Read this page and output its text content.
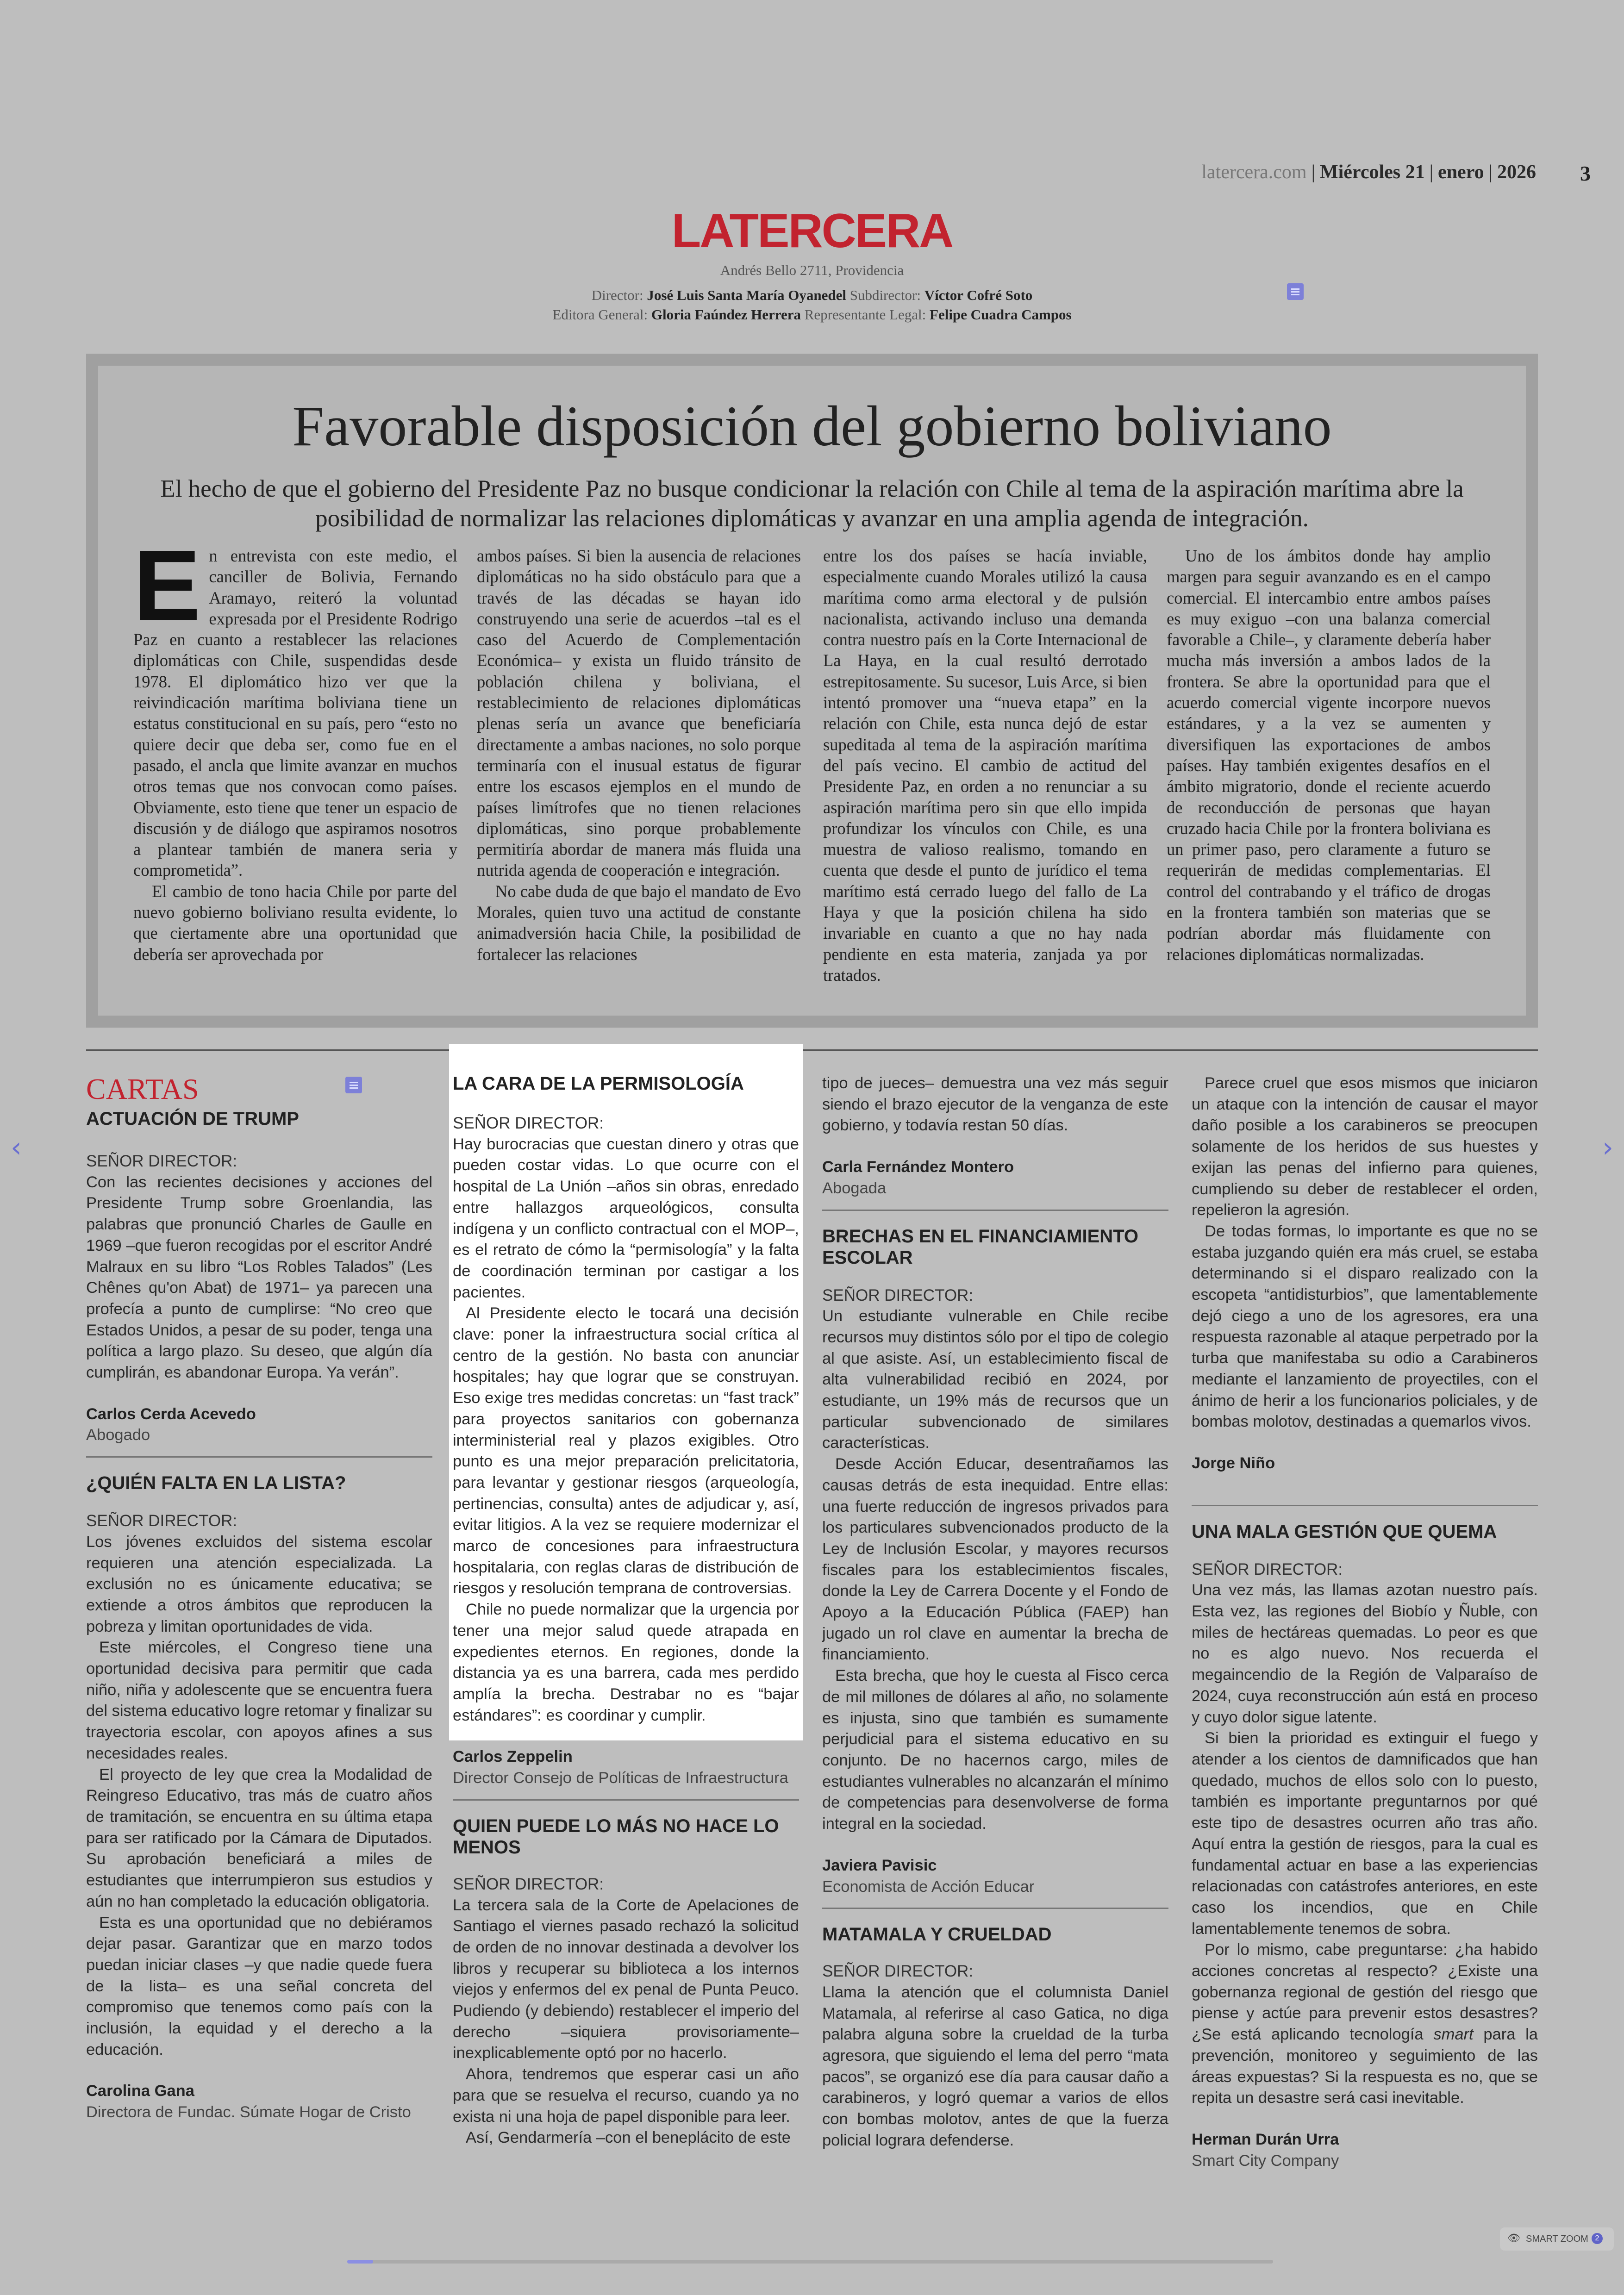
latercera.com | Miércoles 21 | enero | 2026 3
LATERCERA
Andrés Bello 2711, Providencia
Director: José Luis Santa María Oyanedel Subdirector: Víctor Cofré Soto
Editora General: Gloria Faúndez Herrera Representante Legal: Felipe Cuadra Campos
Favorable disposición del gobierno boliviano
El hecho de que el gobierno del Presidente Paz no busque condicionar la relación con Chile al tema de la aspiración marítima abre la posibilidad de normalizar las relaciones diplomáticas y avanzar en una amplia agenda de integración.
E n entrevista con este medio, el canciller de Bolivia, Fernando Aramayo, reiteró la voluntad expresada por el Presidente Rodrigo Paz en cuanto a restablecer las relaciones diplomáticas con Chile, suspendidas desde 1978. El diplomático hizo ver que la reivindicación marítima boliviana tiene un estatus constitucional en su país, pero “esto no quiere decir que deba ser, como fue en el pasado, el ancla que limite avanzar en muchos otros temas que nos convocan como países. Obviamente, esto tiene que tener un espacio de discusión y de diálogo que aspiramos nosotros a plantear también de manera seria y comprometida”.

El cambio de tono hacia Chile por parte del nuevo gobierno boliviano resulta evidente, lo que ciertamente abre una oportunidad que debería ser aprovechada por

ambos países. Si bien la ausencia de relaciones diplomáticas no ha sido obstáculo para que a través de las décadas se hayan ido construyendo una serie de acuerdos –tal es el caso del Acuerdo de Complementación Económica– y exista un fluido tránsito de población chilena y boliviana, el restablecimiento de relaciones diplomáticas plenas sería un avance que beneficiaría directamente a ambas naciones, no solo porque terminaría con el inusual estatus de figurar entre los escasos ejemplos en el mundo de países limítrofes que no tienen relaciones diplomáticas, sino porque probablemente permitiría abordar de manera más fluida una nutrida agenda de cooperación e integración.

No cabe duda de que bajo el mandato de Evo Morales, quien tuvo una actitud de constante animadversión hacia Chile, la posibilidad de fortalecer las relaciones

entre los dos países se hacía inviable, especialmente cuando Morales utilizó la causa marítima como arma electoral y de pulsión nacionalista, activando incluso una demanda contra nuestro país en la Corte Internacional de La Haya, en la cual resultó derrotado estrepitosamente. Su sucesor, Luis Arce, si bien intentó promover una “nueva etapa” en la relación con Chile, esta nunca dejó de estar supeditada al tema de la aspiración marítima del país vecino. El cambio de actitud del Presidente Paz, en orden a no renunciar a su aspiración marítima pero sin que ello impida profundizar los vínculos con Chile, es una muestra de valioso realismo, tomando en cuenta que desde el punto de jurídico el tema marítimo está cerrado luego del fallo de La Haya y que la posición chilena ha sido invariable en cuanto a que no hay nada pendiente en esta materia, zanjada ya por tratados.

Uno de los ámbitos donde hay amplio margen para seguir avanzando es en el campo comercial. El intercambio entre ambos países es muy exiguo –con una balanza comercial favorable a Chile–, y claramente debería haber mucha más inversión a ambos lados de la frontera. Se abre la oportunidad para que el acuerdo comercial vigente incorpore nuevos estándares, y a la vez se aumenten y diversifiquen las exportaciones de ambos países. Hay también exigentes desafíos en el ámbito migratorio, donde el reciente acuerdo de reconducción de personas que hayan cruzado hacia Chile por la frontera boliviana es un primer paso, pero claramente a futuro se requerirán de medidas complementarias. El control del contrabando y el tráfico de drogas en la frontera también son materias que se podrían abordar más fluidamente con relaciones diplomáticas normalizadas.

CARTAS
ACTUACIÓN DE TRUMP
SEÑOR DIRECTOR:

Con las recientes decisiones y acciones del Presidente Trump sobre Groenlandia, las palabras que pronunció Charles de Gaulle en 1969 –que fueron recogidas por el escritor André Malraux en su libro “Los Robles Talados” (Les Chênes qu'on Abat) de 1971– ya parecen una profecía a punto de cumplirse: “No creo que Estados Unidos, a pesar de su poder, tenga una política a largo plazo. Su deseo, que algún día cumplirán, es abandonar Europa. Ya verán”.

Carlos Cerda Acevedo
Abogado
¿QUIÉN FALTA EN LA LISTA?
SEÑOR DIRECTOR:

Los jóvenes excluidos del sistema escolar requieren una atención especializada. La exclusión no es únicamente educativa; se extiende a otros ámbitos que reproducen la pobreza y limitan oportunidades de vida.

Este miércoles, el Congreso tiene una oportunidad decisiva para permitir que cada niño, niña y adolescente que se encuentra fuera del sistema educativo logre retomar y finalizar su trayectoria escolar, con apoyos afines a sus necesidades reales.

El proyecto de ley que crea la Modalidad de Reingreso Educativo, tras más de cuatro años de tramitación, se encuentra en su última etapa para ser ratificado por la Cámara de Diputados. Su aprobación beneficiará a miles de estudiantes que interrumpieron sus estudios y aún no han completado la educación obligatoria.

Esta es una oportunidad que no debiéramos dejar pasar. Garantizar que en marzo todos puedan iniciar clases –y que nadie quede fuera de la lista– es una señal concreta del compromiso que tenemos como país con la inclusión, la equidad y el derecho a la educación.

Carolina Gana
Directora de Fundac. Súmate Hogar de Cristo
LA CARA DE LA PERMISOLOGÍA
SEÑOR DIRECTOR:

Hay burocracias que cuestan dinero y otras que pueden costar vidas. Lo que ocurre con el hospital de La Unión –años sin obras, enredado entre hallazgos arqueológicos, consulta indígena y un conflicto contractual con el MOP–, es el retrato de cómo la “permisología” y la falta de coordinación terminan por castigar a los pacientes.

Al Presidente electo le tocará una decisión clave: poner la infraestructura social crítica al centro de la gestión. No basta con anunciar hospitales; hay que lograr que se construyan. Eso exige tres medidas concretas: un “fast track” para proyectos sanitarios con gobernanza interministerial real y plazos exigibles. Otro punto es una mejor preparación prelicitatoria, para levantar y gestionar riesgos (arqueología, pertinencias, consulta) antes de adjudicar y, así, evitar litigios. A la vez se requiere modernizar el marco de concesiones para infraestructura hospitalaria, con reglas claras de distribución de riesgos y resolución temprana de controversias.

Chile no puede normalizar que la urgencia por tener una mejor salud quede atrapada en expedientes eternos. En regiones, donde la distancia ya es una barrera, cada mes perdido amplía la brecha. Destrabar no es “bajar estándares”: es coordinar y cumplir.

Carlos Zeppelin
Director Consejo de Políticas de Infraestructura
QUIEN PUEDE LO MÁS NO HACE LO MENOS
SEÑOR DIRECTOR:

La tercera sala de la Corte de Apelaciones de Santiago el viernes pasado rechazó la solicitud de orden de no innovar destinada a devolver los libros y recuperar su biblioteca a los internos viejos y enfermos del ex penal de Punta Peuco. Pudiendo (y debiendo) restablecer el imperio del derecho –siquiera provisoriamente– inexplicablemente optó por no hacerlo.

Ahora, tendremos que esperar casi un año para que se resuelva el recurso, cuando ya no exista ni una hoja de papel disponible para leer.

Así, Gendarmería –con el beneplácito de este

tipo de jueces– demuestra una vez más seguir siendo el brazo ejecutor de la venganza de este gobierno, y todavía restan 50 días.

Carla Fernández Montero
Abogada
BRECHAS EN EL FINANCIAMIENTO ESCOLAR
SEÑOR DIRECTOR:

Un estudiante vulnerable en Chile recibe recursos muy distintos sólo por el tipo de colegio al que asiste. Así, un establecimiento fiscal de alta vulnerabilidad recibió en 2024, por estudiante, un 19% más de recursos que un particular subvencionado de similares características.

Desde Acción Educar, desentrañamos las causas detrás de esta inequidad. Entre ellas: una fuerte reducción de ingresos privados para los particulares subvencionados producto de la Ley de Inclusión Escolar, y mayores recursos fiscales para los establecimientos fiscales, donde la Ley de Carrera Docente y el Fondo de Apoyo a la Educación Pública (FAEP) han jugado un rol clave en aumentar la brecha de financiamiento.

Esta brecha, que hoy le cuesta al Fisco cerca de mil millones de dólares al año, no solamente es injusta, sino que también es sumamente perjudicial para el sistema educativo en su conjunto. De no hacernos cargo, miles de estudiantes vulnerables no alcanzarán el mínimo de competencias para desenvolverse de forma integral en la sociedad.

Javiera Pavisic
Economista de Acción Educar
MATAMALA Y CRUELDAD
SEÑOR DIRECTOR:

Llama la atención que el columnista Daniel Matamala, al referirse al caso Gatica, no diga palabra alguna sobre la crueldad de la turba agresora, que siguiendo el lema del perro “mata pacos”, se organizó ese día para causar daño a carabineros, y logró quemar a varios de ellos con bombas molotov, antes de que la fuerza policial lograra defenderse.

Parece cruel que esos mismos que iniciaron un ataque con la intención de causar el mayor daño posible a los carabineros se preocupen solamente de los heridos de sus huestes y exijan las penas del infierno para quienes, cumpliendo su deber de restablecer el orden, repelieron la agresión.

De todas formas, lo importante es que no se estaba juzgando quién era más cruel, se estaba determinando si el disparo realizado con la escopeta “antidisturbios”, que lamentablemente dejó ciego a uno de los agresores, era una respuesta razonable al ataque perpetrado por la turba que manifestaba su odio a Carabineros mediante el lanzamiento de proyectiles, con el ánimo de herir a los funcionarios policiales, y de bombas molotov, destinadas a quemarlos vivos.

Jorge Niño
UNA MALA GESTIÓN QUE QUEMA
SEÑOR DIRECTOR:

Una vez más, las llamas azotan nuestro país. Esta vez, las regiones del Biobío y Ñuble, con miles de hectáreas quemadas. Lo peor es que no es algo nuevo. Nos recuerda el megaincendio de la Región de Valparaíso de 2024, cuya reconstrucción aún está en proceso y cuyo dolor sigue latente.

Si bien la prioridad es extinguir el fuego y atender a los cientos de damnificados que han quedado, muchos de ellos solo con lo puesto, también es importante preguntarnos por qué este tipo de desastres ocurren año tras año. Aquí entra la gestión de riesgos, para la cual es fundamental actuar en base a las experiencias relacionadas con catástrofes anteriores, en este caso los incendios, que en Chile lamentablemente tenemos de sobra.

Por lo mismo, cabe preguntarse: ¿ha habido acciones concretas al respecto? ¿Existe una gobernanza regional de gestión del riesgo que piense y actúe para prevenir estos desastres? ¿Se está aplicando tecnología smart para la prevención, monitoreo y seguimiento de las áreas expuestas? Si la respuesta es no, que se repita un desastre será casi inevitable.

Herman Durán Urra
Smart City Company
‹	›
👁 SMART ZOOM 2
